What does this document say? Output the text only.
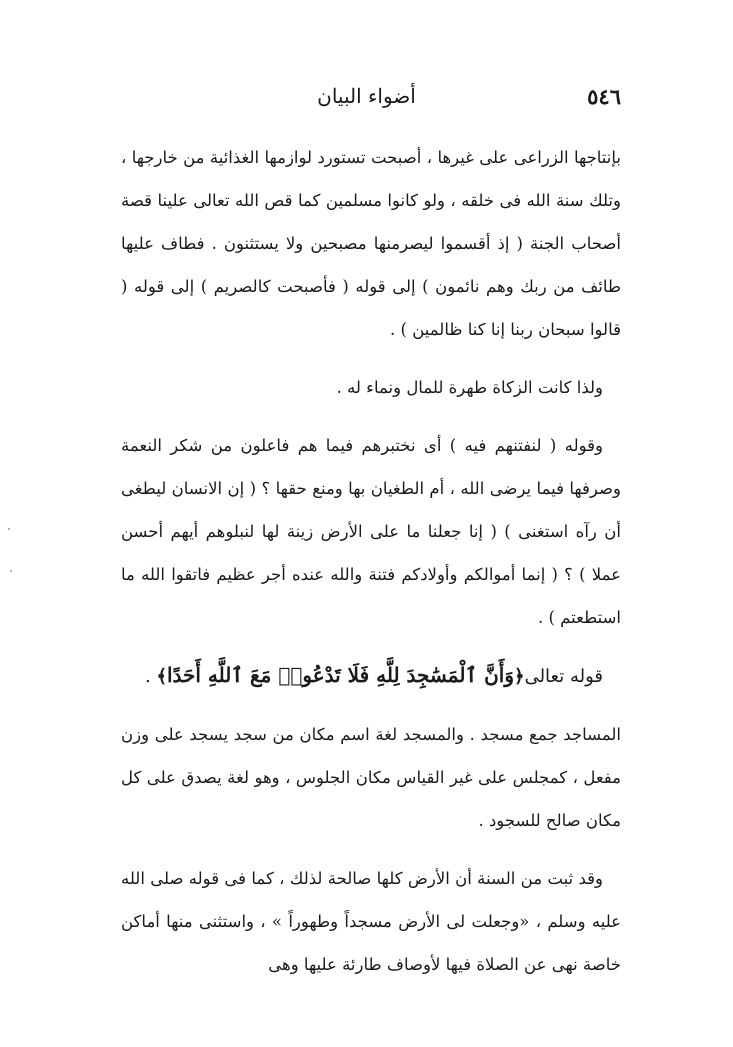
٥٤٦
أضواء البيان

بإنتاجها الزراعى على غيرها ، أصبحت تستورد لوازمها الغذائية من خارجها ، وتلك سنة الله فى خلقه ، ولو كانوا مسلمين كما قص الله تعالى علينا قصة أصحاب الجنة ( إذ أقسموا ليصرمنها مصبحين ولا يستثنون . فطاف عليها طائف من ربك وهم نائمون ) إلى قوله ( فأصبحت كالصريم ) إلى قوله ( قالوا سبحان ربنا إنا كنا ظالمين ) .

ولذا كانت الزكاة طهرة للمال ونماء له .

وقوله ( لنفتنهم فيه ) أى نختبرهم فيما هم فاعلون من شكر النعمة وصرفها فيما يرضى الله ، أم الطغيان بها ومنع حقها ؟ ( إن الانسان ليطغى أن رآه استغنى ) ( إنا جعلنا ما على الأرض زينة لها لنبلوهم أيهم أحسن عملا ) ؟ ( إنما أموالكم وأولادكم فتنة والله عنده أجر عظيم فاتقوا الله ما استطعتم ) .

قوله تعالى﴿وَأَنَّ ٱلْمَسَٰجِدَ لِلَّهِ فَلَا تَدْعُوا۟ مَعَ ٱللَّهِ أَحَدًا﴾ .

المساجد جمع مسجد . والمسجد لغة اسم مكان من سجد يسجد على وزن مفعل ، كمجلس على غير القياس مكان الجلوس ، وهو لغة يصدق على كل مكان صالح للسجود .

وقد ثبت من السنة أن الأرض كلها صالحة لذلك ، كما فى قوله صلى الله عليه وسلم ، «وجعلت لى الأرض مسجداً وطهوراً » ، واستثنى منها أماكن خاصة نهى عن الصلاة فيها لأوصاف طارئة عليها وهى
